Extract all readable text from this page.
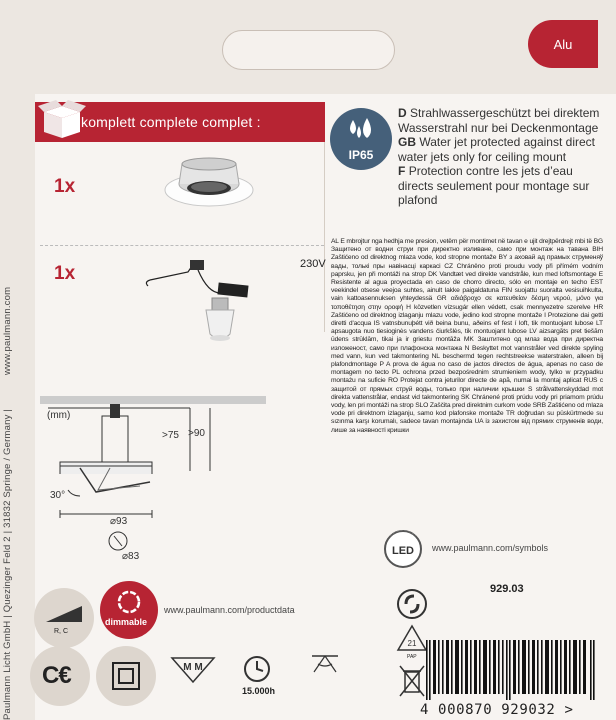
Alu
komplett complete complet :
1x
1x	230V
IP65
D Strahlwassergeschützt bei direktem Wasserstrahl nur bei Deckenmontage
GB Water jet protected against direct water jets only for ceiling mount
F Protection contre les jets d’eau directs seulement pour montage sur plafond
AL E mbrojtur nga hedhja me presion, vetëm për montimet në tavan e ujit drejtpërdrejt mbi të BG Защитено от водни струи при директно изливане, само при монтаж на тавана BIH Zaštićeno od direktnog mlaza vode, kod stropne montaže BY з ахoвай ад прамых струменяў вады, толькі пры навінасці каркасі CZ Chráněno proti proudu vody při přímém vodním paprsku, jen při montáži na strop DK Vandtæt ved direkte vandstråle, kun med loftsmontage E Resistente al agua proyectada en caso de chorro directo, sólo en montaje en techo EST veekindel otsese veejoa suhtes, ainult lakke paigaldatuna FIN suojattu suoralta vesisuihkulta, vain kattoasennuksen yhteydessä GR αδιάβροχο σε κατευθείαν δέσμη νερού, μόνο για τοποθέτηση στην οροφή H közvetlen vízsugár ellen védett, csak mennyezetre szerelve HR Zaštićeno od direktnog izlaganju mlazu vode, jedino kod stropne montaže I Protezione dai getti diretti d'acqua IS vatnsbunuþétt við beina bunu, aðeins ef fest í loft, tik montuojant lubose LT apsaugota nuo tiesioginės vandens čiurkšlės, tik montuojant lubose LV aizsargāts pret tiešām ūdens strūklām, tikai ja ir griestu montāža MK Заштитено од млаз вода при директна изложеност, само при плафонска монтажа N Beskyttet mot vannstråler ved direkte spyling med vann, kun ved takmontering NL beschermd tegen rechtstreekse waterstralen, alleen bij plafondmontage P A prova de água no caso de jactos directos de água, apenas no caso de montagem no tecto PL ochrona przed bezpośrednim strumieniem wody, tylko w przypadku montażu na suficie RO Protejat contra jeturilor directe de apă, numai la montaj aplicat RUS с защитой от прямых струй воды, только при наличии крышки S strålvattenskyddad mot direkta vattenstrålar, endast vid takmontering SK Chránené proti prúdu vody pri priamom prúdu vody, len pri montáži na strop SLO Zaščita pred direktnim curkom vode SRB Zaštićeno od mlaza vode pri direktnom izlaganju, samo kod plafonske montaže TR doğrudan su püskürtmede su sızınma karşı korumalı, sadece tavan montajında UA із захистом від прямих струменів води, лише за наявності кришки
Paulmann Licht GmbH | Quezinger Feld 2 | 31832 Springe / Germany |
www.paulmann.com
(mm)
>75 >90
30°
⌀93
⌀83	LED www.paulmann.com/symbols
929.03
R, C
dimmable
www.paulmann.com/productdata
C€	M M
15.000h
21
PAP
4 000870 929032 >
